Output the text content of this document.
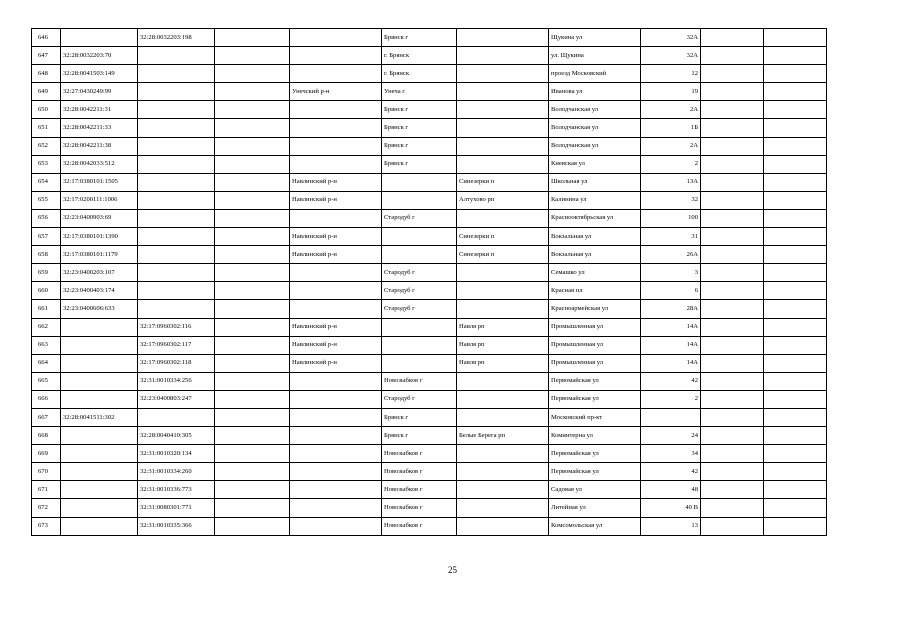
646		32:28:0032203:198			Брянск г		Щукина ул	32А		
647	32:28:0032203:70				г. Брянск		ул. Щукина	32А		
648	32:28:0041503:149				г. Брянск		проезд Московский	12		
649	32:27:0430249:99			Унечский р-н	Унеча г		Иванова ул	19		
650	32:28:0042211:31				Брянск г		Володчанская ул	2А		
651	32:28:0042211:33				Брянск г		Володчанская ул	1Б		
652	32:28:0042211:38				Брянск г		Володчанская ул	2А		
653	32:28:0042033:512				Брянск г		Киевская ул	2		
654	32:17:0380101:1505			Навлинский р-н		Синезерки п	Школьная ул	13А		
655	32:17:0200111:1006			Навлинский р-н		Алтухово рп	Калинина ул	32		
656	32:23:0400903:69				Стародуб г		Краснооктябрьская ул	100		
657	32:17:0380101:1390			Навлинский р-н		Синезерки п	Вокзальная ул	31		
658	32:17:0380101:1179			Навлинский р-н		Синезерки п	Вокзальная ул	26А		
659	32:23:0400203:107				Стародуб г		Семашко ул	3		
660	32:23:0400403:174				Стародуб г		Красная пл	6		
661	32:23:0400606:633				Стародуб г		Красноармейская ул	28А		
662		32:17:0960302:116		Навлинский р-н		Навля рп	Промышленная ул	14А		
663		32:17:0960302:117		Навлинский р-н		Навля рп	Промышленная ул	14А		
664		32:17:0960302:118		Навлинский р-н		Навля рп	Промышленная ул	14А		
665		32:31:0010334:256			Новозыбков г		Первомайская ул	42		
666		32:23:0400803:247			Стародуб г		Первомайская ул	2		
667	32:28:0041511:302				Брянск г		Московский пр-кт			
668		32:28:0040410:305			Брянск г	Белые Берега рп	Коминтерна ул	24		
669		32:31:0010320:134			Новозыбков г		Первомайская ул	34		
670		32:31:0010334:260			Новозыбков г		Первомайская ул	42		
671		32:31:0010336:773			Новозыбков г		Садовая ул	48		
672		32:31:0080301:771			Новозыбков г		Литейная ул	40 В		
673		32:31:0010335:366			Новозыбков г		Комсомольская ул	13		
25
